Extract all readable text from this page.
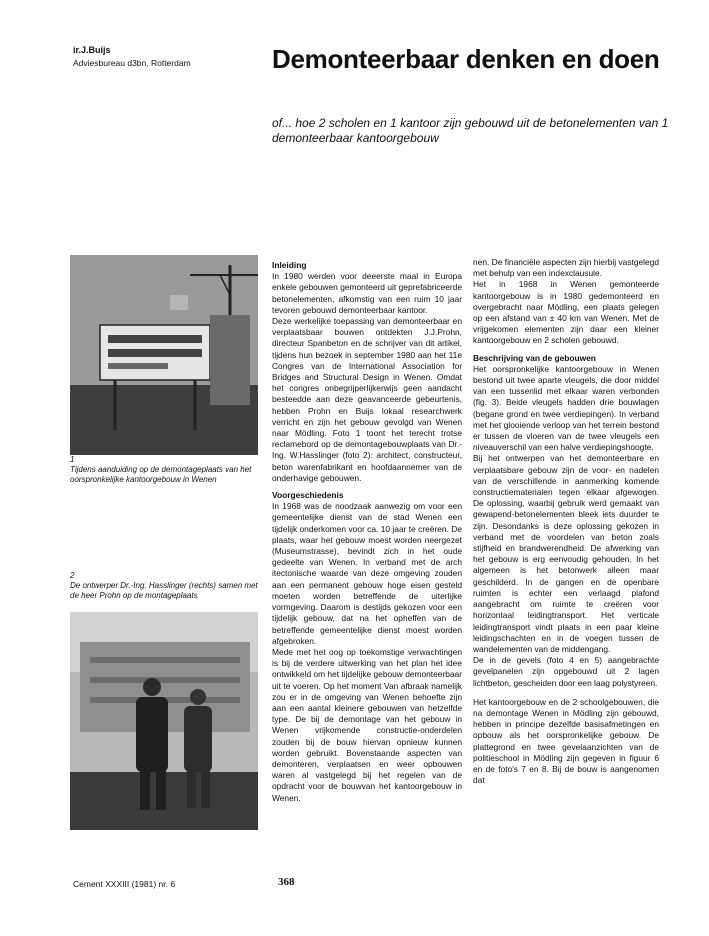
ir.J.Buijs
Adviesbureau d3bn, Rotterdam	Demonteerbaar denken en doen
of... hoe 2 scholen en 1 kantoor zijn gebouwd uit de betonelementen van 1 demonteerbaar kantoorgebouw
1
Tijdens aanduiding op de demontageplaats van het oorspronkelijke kantoorgebouw in Wenen
2
De ontwerper Dr.-Ing. Hasslinger (rechts) samen met de heer Prohn op de montageplaats

Inleiding

In 1980 werden voor deeerste maal in Europa enkele gebouwen gemonteerd uit geprefabriceerde betonelementen, afkomstig van een ruim 10 jaar tevoren gebouwd demonteerbaar kantoor.

Deze werkelijke toepassing van demonteerbaar en verplaatsbaar bouwen ontdekten J.J.Prohn, directeur Spanbeton en de schrijver van dit artikel, tijdens hun bezoek in september 1980 aan het 11e Congres van de International Association for Bridges and Structural Design in Wenen. Omdat het congres onbegrijperlijkerwijs geen aandacht besteedde aan deze geavanceerde gebeurtenis, hebben Prohn en Buijs lokaal researchwerk verricht en zijn het gebouw gevolgd van Wenen naar Mödling. Foto 1 toont het terecht trotse reclamebord op de demontagebouwplaats van Dr.-Ing. W.Hasslinger (foto 2): architect, constructeur, beton warenfabrikant en hoofdaannemer van de onderhavige gebouwen.

Voorgeschiedenis

In 1968 was de noodzaak aanwezig om voor een gemeentelijke dienst van de stad Wenen een tijdelijk onderkomen voor ca. 10 jaar te creëren. De plaats, waar het gebouw moest worden neergezet (Museumstrasse), bevindt zich in het oude gedeelte van Wenen. In verband met de arch itectonische waarde van deze omgeving zouden aan een permanent gebouw hoge eisen gesteld moeten worden betreffende de uiterlijke vormgeving. Daarom is destijds gekozen voor een tijdelijk gebouw, dat na het opheffen van de betreffende gemeentelijke dienst moest worden afgebroken.

Mede met het oog op toekomstige verwachtingen is bij de verdere uitwerking van het plan het idee ontwikkeld om het tijdelijke gebouw demonteerbaar uit te voeren. Op het moment Van afbraak namelijk zou er in de omgeving van Wenen behoefte zijn aan een aantal kleinere gebouwen van hetzelfde type. De bij de demontage van het gebouw in Wenen vrijkomende constructie-onderdelen zouden bij de bouw hiervan opnieuw kunnen worden gebruikt. Bovenstaande aspecten van demonteren, verplaatsen en weer opbouwen waren al vastgelegd bij het regelen van de opdracht voor de bouwvan het kantoorgebouw in Wenen.

nen. De financiële aspecten zijn hierbij vastgelegd met behulp van een indexclausule.

Het in 1968 in Wenen gemonteerde kantoorgebouw is in 1980 gedemonteerd en overgebracht naar Mödling, een plaats gelegen op een afstand van ± 40 km van Wenen. Met de vrijgekomen elementen zijn daar een kleiner kantoorgebouw en 2 scholen gebouwd.

Beschrijving van de gebouwen

Het oorspronkelijke kantoorgebouw in Wenen bestond uit twee aparte vleugels, die door middel van een tussenlid met elkaar waren verbonden (fig. 3). Beide vleugels hadden drie bouwlagen (begane grond en twee verdiepingen). In verband met het glooiende verloop van het terrein bestond er tussen de vloeren van de twee vleugels een niveauverschil van een halve verdiepingshoogte.

Bij het ontwerpen van het demonteerbare en verplaatsbare gebouw zijn de voor- en nadelen van de verschillende in aanmerking komende constructiematerialen tegen elkaar afgewogen. De oplossing, waarbij gebruik werd gemaakt van gewapend-betonelementen bleek iets duurder te zijn. Desondanks is deze oplossing gekozen in verband met de voordelen van beton zoals stijfheid en brandwerendheid. De afwerking van het gebouw is erg eenvoudig gehouden. In het algemeen is het betonwerk alleen maar geschilderd. In de gangen en de openbare ruimten is echter een verlaagd plafond aangebracht om ruimte te creëren voor horizontaal leidingtransport. Het verticale leidingtransport vindt plaats in een paar kleine leidingschachten en in de voegen tussen de wandelementen van de middengang.

De in de gevels (foto 4 en 5) aangebrachte gevelpanelen zijn opgebouwd uit 2 lagen lichtbeton, gescheiden door een laag polystyreen.

Het kantoorgebouw en de 2 schoolgebouwen, die na demontage Wenen in Mödling zijn gebouwd, hebben in principe dezelfde basisafmetingen en opbouw als het oorspronkelijke gebouw. De plattegrond en twee gevelaanzichten van de politieschool in Mödling zijn gegeven in figuur 6 en de foto's 7 en 8. Bij de bouw is aangenomen dat

Cement XXXIII (1981) nr. 6	368
